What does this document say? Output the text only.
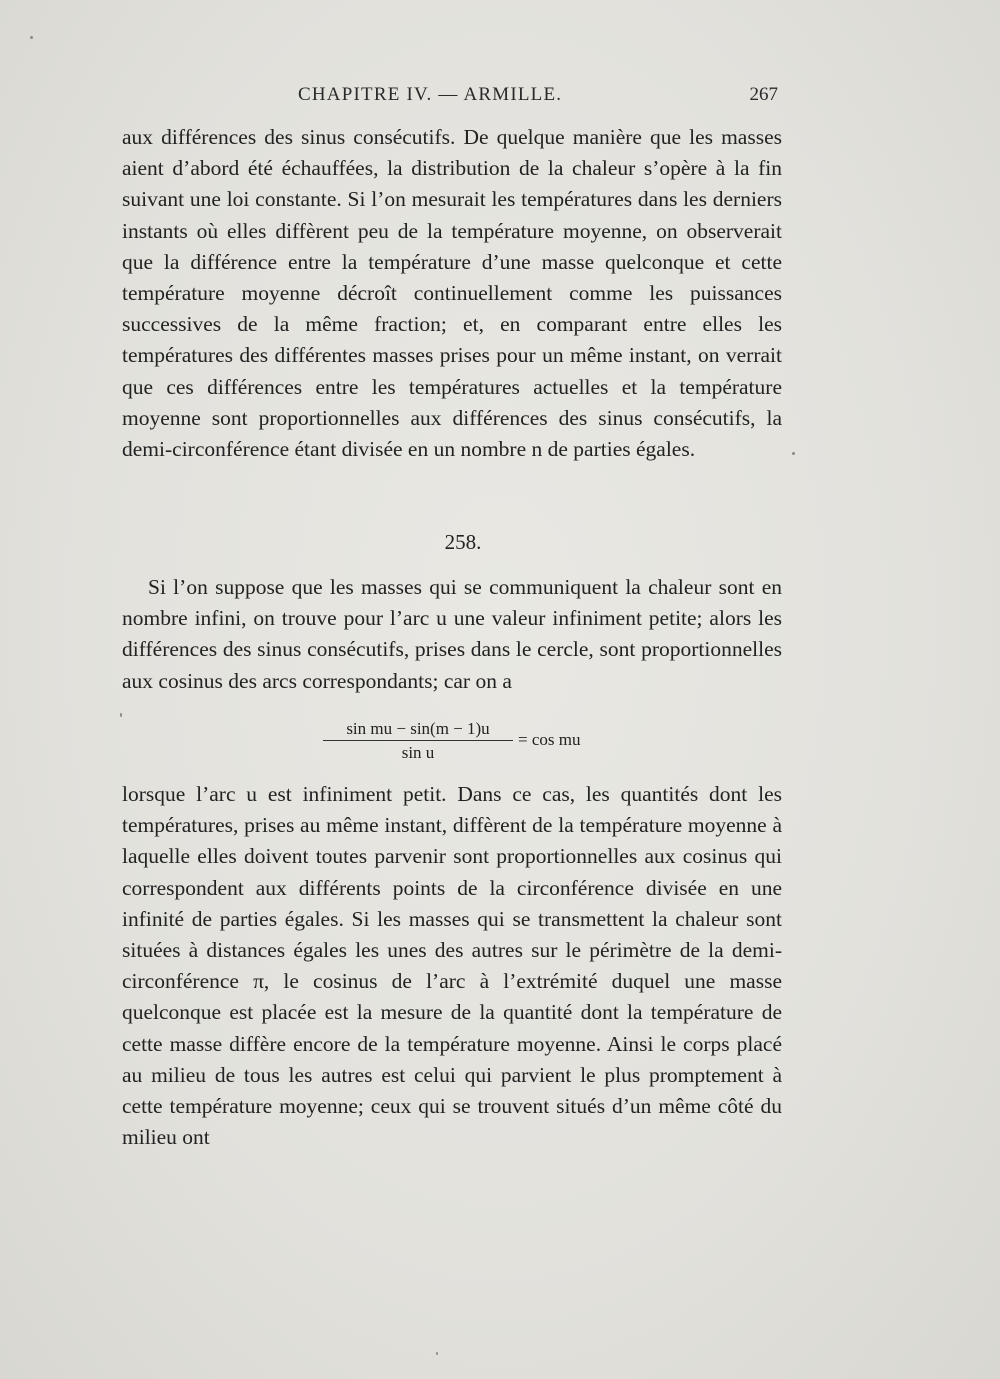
CHAPITRE IV. — ARMILLE.	267

aux différences des sinus consécutifs. De quelque manière que les masses aient d’abord été échauffées, la distribution de la chaleur s’opère à la fin suivant une loi constante. Si l’on mesurait les températures dans les derniers instants où elles diffèrent peu de la température moyenne, on observerait que la différence entre la température d’une masse quelconque et cette température moyenne décroît continuellement comme les puissances successives de la même fraction; et, en comparant entre elles les températures des différentes masses prises pour un même instant, on verrait que ces différences entre les températures actuelles et la température moyenne sont proportionnelles aux différences des sinus consécutifs, la demi-circonférence étant divisée en un nombre n de parties égales.

258.

Si l’on suppose que les masses qui se communiquent la chaleur sont en nombre infini, on trouve pour l’arc u une valeur infiniment petite; alors les différences des sinus consécutifs, prises dans le cercle, sont proportionnelles aux cosinus des arcs correspondants; car on a

sin mu − sin(m − 1)u
sin u
= cos mu

lorsque l’arc u est infiniment petit. Dans ce cas, les quantités dont les températures, prises au même instant, diffèrent de la température moyenne à laquelle elles doivent toutes parvenir sont proportionnelles aux cosinus qui correspondent aux différents points de la circonférence divisée en une infinité de parties égales. Si les masses qui se transmettent la chaleur sont situées à distances égales les unes des autres sur le périmètre de la demi-circonférence π, le cosinus de l’arc à l’extrémité duquel une masse quelconque est placée est la mesure de la quantité dont la température de cette masse diffère encore de la température moyenne. Ainsi le corps placé au milieu de tous les autres est celui qui parvient le plus promptement à cette température moyenne; ceux qui se trouvent situés d’un même côté du milieu ont
